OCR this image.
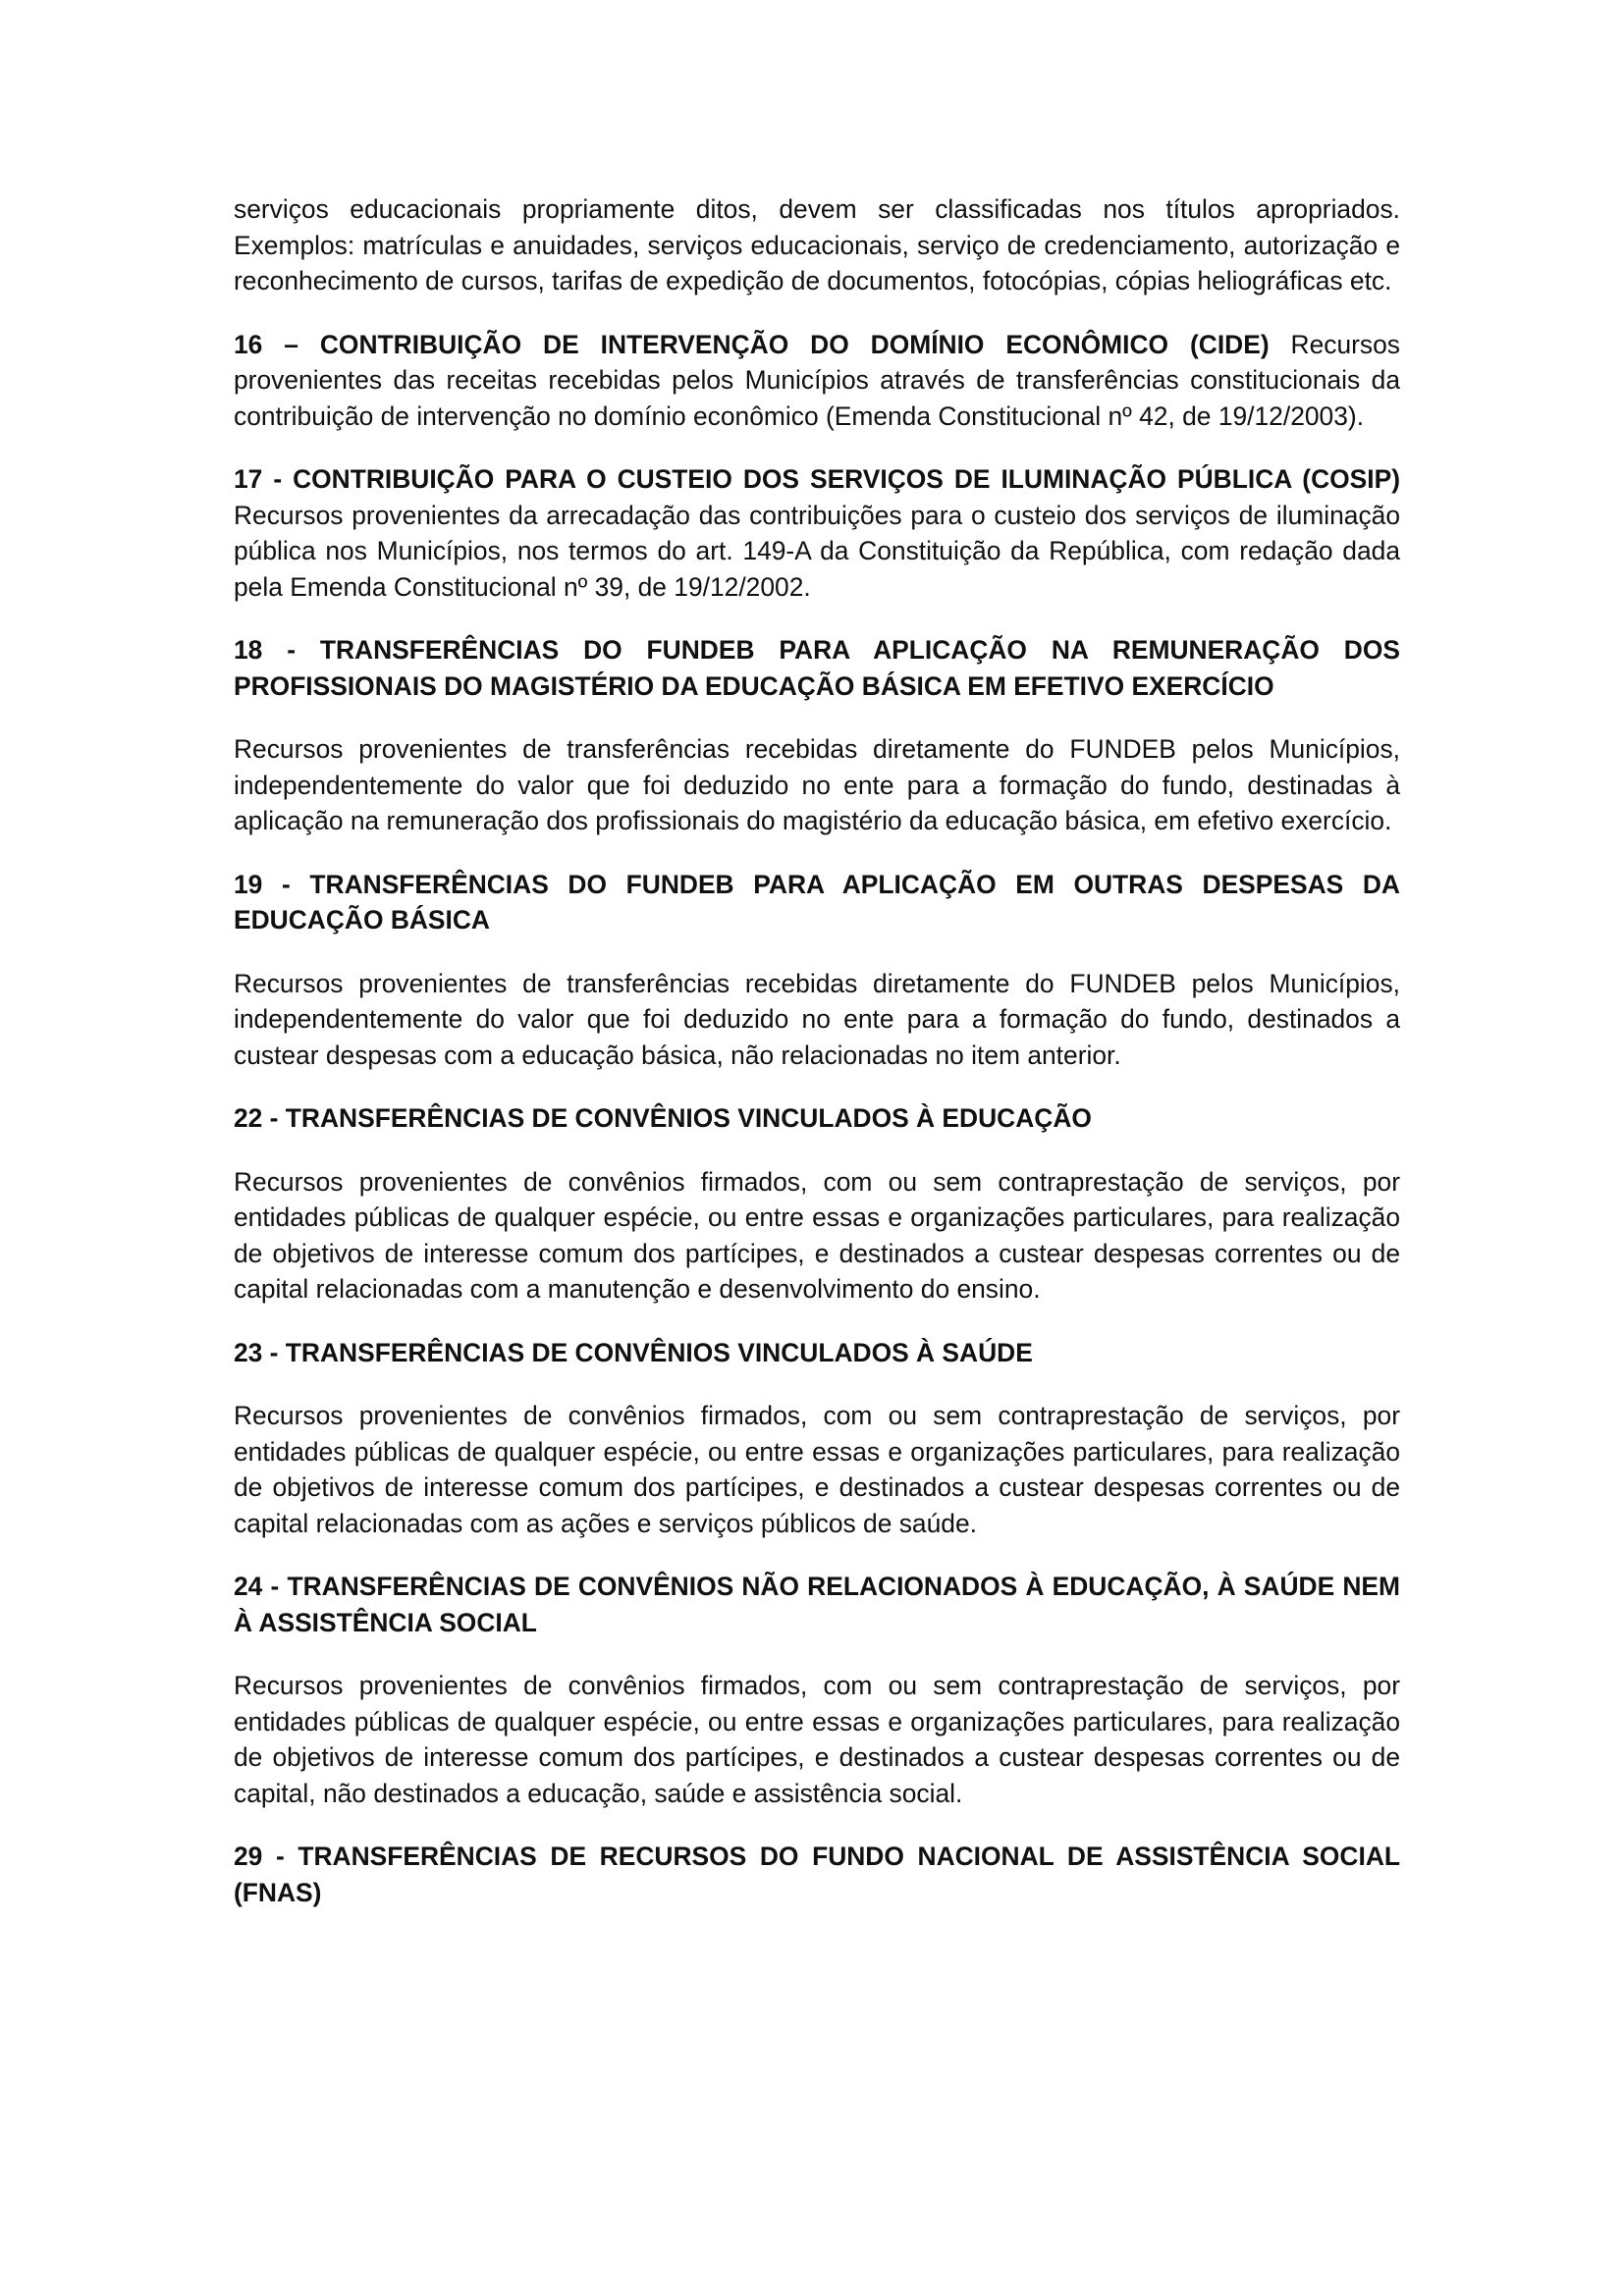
serviços educacionais propriamente ditos, devem ser classificadas nos títulos apropriados. Exemplos: matrículas e anuidades, serviços educacionais, serviço de credenciamento, autorização e reconhecimento de cursos, tarifas de expedição de documentos, fotocópias, cópias heliográficas etc.

16 – CONTRIBUIÇÃO DE INTERVENÇÃO DO DOMÍNIO ECONÔMICO (CIDE) Recursos provenientes das receitas recebidas pelos Municípios através de transferências constitucionais da contribuição de intervenção no domínio econômico (Emenda Constitucional nº 42, de 19/12/2003).

17 - CONTRIBUIÇÃO PARA O CUSTEIO DOS SERVIÇOS DE ILUMINAÇÃO PÚBLICA (COSIP) Recursos provenientes da arrecadação das contribuições para o custeio dos serviços de iluminação pública nos Municípios, nos termos do art. 149-A da Constituição da República, com redação dada pela Emenda Constitucional nº 39, de 19/12/2002.

18 - TRANSFERÊNCIAS DO FUNDEB PARA APLICAÇÃO NA REMUNERAÇÃO DOS PROFISSIONAIS DO MAGISTÉRIO DA EDUCAÇÃO BÁSICA EM EFETIVO EXERCÍCIO

Recursos provenientes de transferências recebidas diretamente do FUNDEB pelos Municípios, independentemente do valor que foi deduzido no ente para a formação do fundo, destinadas à aplicação na remuneração dos profissionais do magistério da educação básica, em efetivo exercício.

19 - TRANSFERÊNCIAS DO FUNDEB PARA APLICAÇÃO EM OUTRAS DESPESAS DA EDUCAÇÃO BÁSICA

Recursos provenientes de transferências recebidas diretamente do FUNDEB pelos Municípios, independentemente do valor que foi deduzido no ente para a formação do fundo, destinados a custear despesas com a educação básica, não relacionadas no item anterior.

22 - TRANSFERÊNCIAS DE CONVÊNIOS VINCULADOS À EDUCAÇÃO

Recursos provenientes de convênios firmados, com ou sem contraprestação de serviços, por entidades públicas de qualquer espécie, ou entre essas e organizações particulares, para realização de objetivos de interesse comum dos partícipes, e destinados a custear despesas correntes ou de capital relacionadas com a manutenção e desenvolvimento do ensino.

23 - TRANSFERÊNCIAS DE CONVÊNIOS VINCULADOS À SAÚDE

Recursos provenientes de convênios firmados, com ou sem contraprestação de serviços, por entidades públicas de qualquer espécie, ou entre essas e organizações particulares, para realização de objetivos de interesse comum dos partícipes, e destinados a custear despesas correntes ou de capital relacionadas com as ações e serviços públicos de saúde.

24 - TRANSFERÊNCIAS DE CONVÊNIOS NÃO RELACIONADOS À EDUCAÇÃO, À SAÚDE NEM À ASSISTÊNCIA SOCIAL

Recursos provenientes de convênios firmados, com ou sem contraprestação de serviços, por entidades públicas de qualquer espécie, ou entre essas e organizações particulares, para realização de objetivos de interesse comum dos partícipes, e destinados a custear despesas correntes ou de capital, não destinados a educação, saúde e assistência social.

29 - TRANSFERÊNCIAS DE RECURSOS DO FUNDO NACIONAL DE ASSISTÊNCIA SOCIAL (FNAS)
